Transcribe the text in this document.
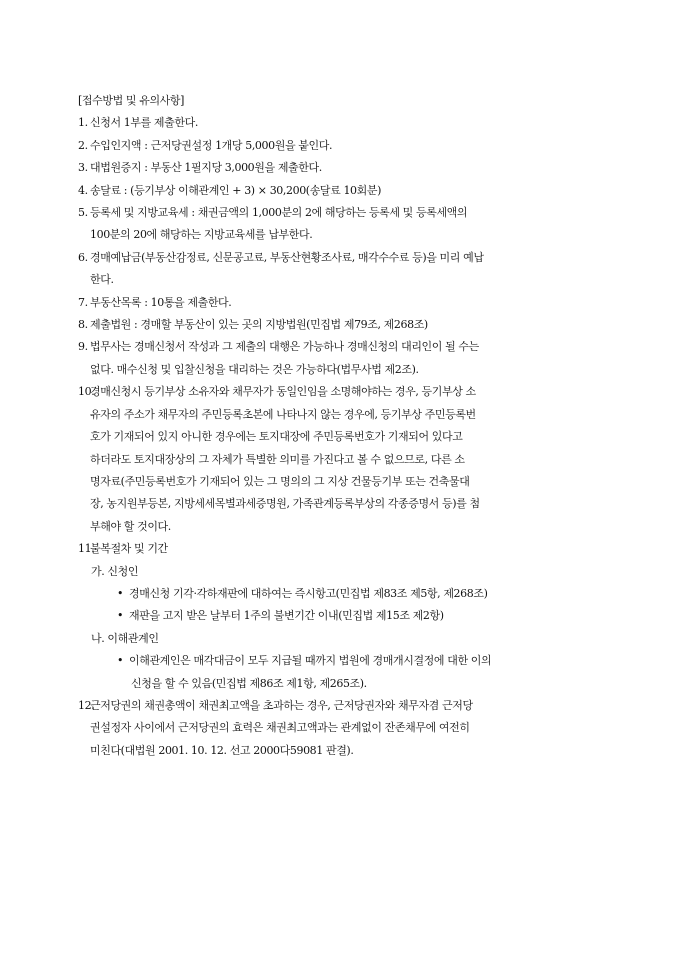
[접수방법 및 유의사항]
1. 신청서 1부를 제출한다.
2. 수입인지액 : 근저당권설정 1개당 5,000원을 붙인다.
3. 대법원증지 : 부동산 1필지당 3,000원을 제출한다.
4. 송달료 : (등기부상 이해관계인 + 3) × 30,200(송달료 10회분)
5. 등록세 및 지방교육세 : 채권금액의 1,000분의 2에 해당하는 등록세 및 등록세액의
100분의 20에 해당하는 지방교육세를 납부한다.
6. 경매예납금(부동산감정료, 신문공고료, 부동산현황조사료, 매각수수료 등)을 미리 예납
한다.
7. 부동산목록 : 10통을 제출한다.
8. 제출법원 : 경매할 부동산이 있는 곳의 지방법원(민집법 제79조, 제268조)
9. 법무사는 경매신청서 작성과 그 제출의 대행은 가능하나 경매신청의 대리인이 될 수는
없다. 매수신청 및 입찰신청을 대리하는 것은 가능하다(법무사법 제2조).
10.경매신청시 등기부상 소유자와 채무자가 동일인임을 소명해야하는 경우, 등기부상 소
유자의 주소가 채무자의 주민등록초본에 나타나지 않는 경우에, 등기부상 주민등록번
호가 기재되어 있지 아니한 경우에는 토지대장에 주민등록번호가 기재되어 있다고
하더라도 토지대장상의 그 자체가 특별한 의미를 가진다고 볼 수 없으므로, 다른 소
명자료(주민등록번호가 기재되어 있는 그 명의의 그 지상 건물등기부 또는 건축물대
장, 농지원부등본, 지방세세목별과세증명원, 가족관계등록부상의 각종증명서 등)를 첨
부해야 할 것이다.
11.불복절차 및 기간
가. 신청인
• 경매신청 기각·각하재판에 대하여는 즉시항고(민집법 제83조 제5항, 제268조)
• 재판을 고지 받은 날부터 1주의 불변기간 이내(민집법 제15조 제2항)
나. 이해관계인
• 이해관계인은 매각대금이 모두 지급될 때까지 법원에 경매개시결정에 대한 이의
신청을 할 수 있음(민집법 제86조 제1항, 제265조).
12.근저당권의 채권총액이 채권최고액을 초과하는 경우, 근저당권자와 채무자겸 근저당
권설정자 사이에서 근저당권의 효력은 채권최고액과는 관계없이 잔존채무에 여전히
미친다(대법원 2001. 10. 12. 선고 2000다59081 판결).
